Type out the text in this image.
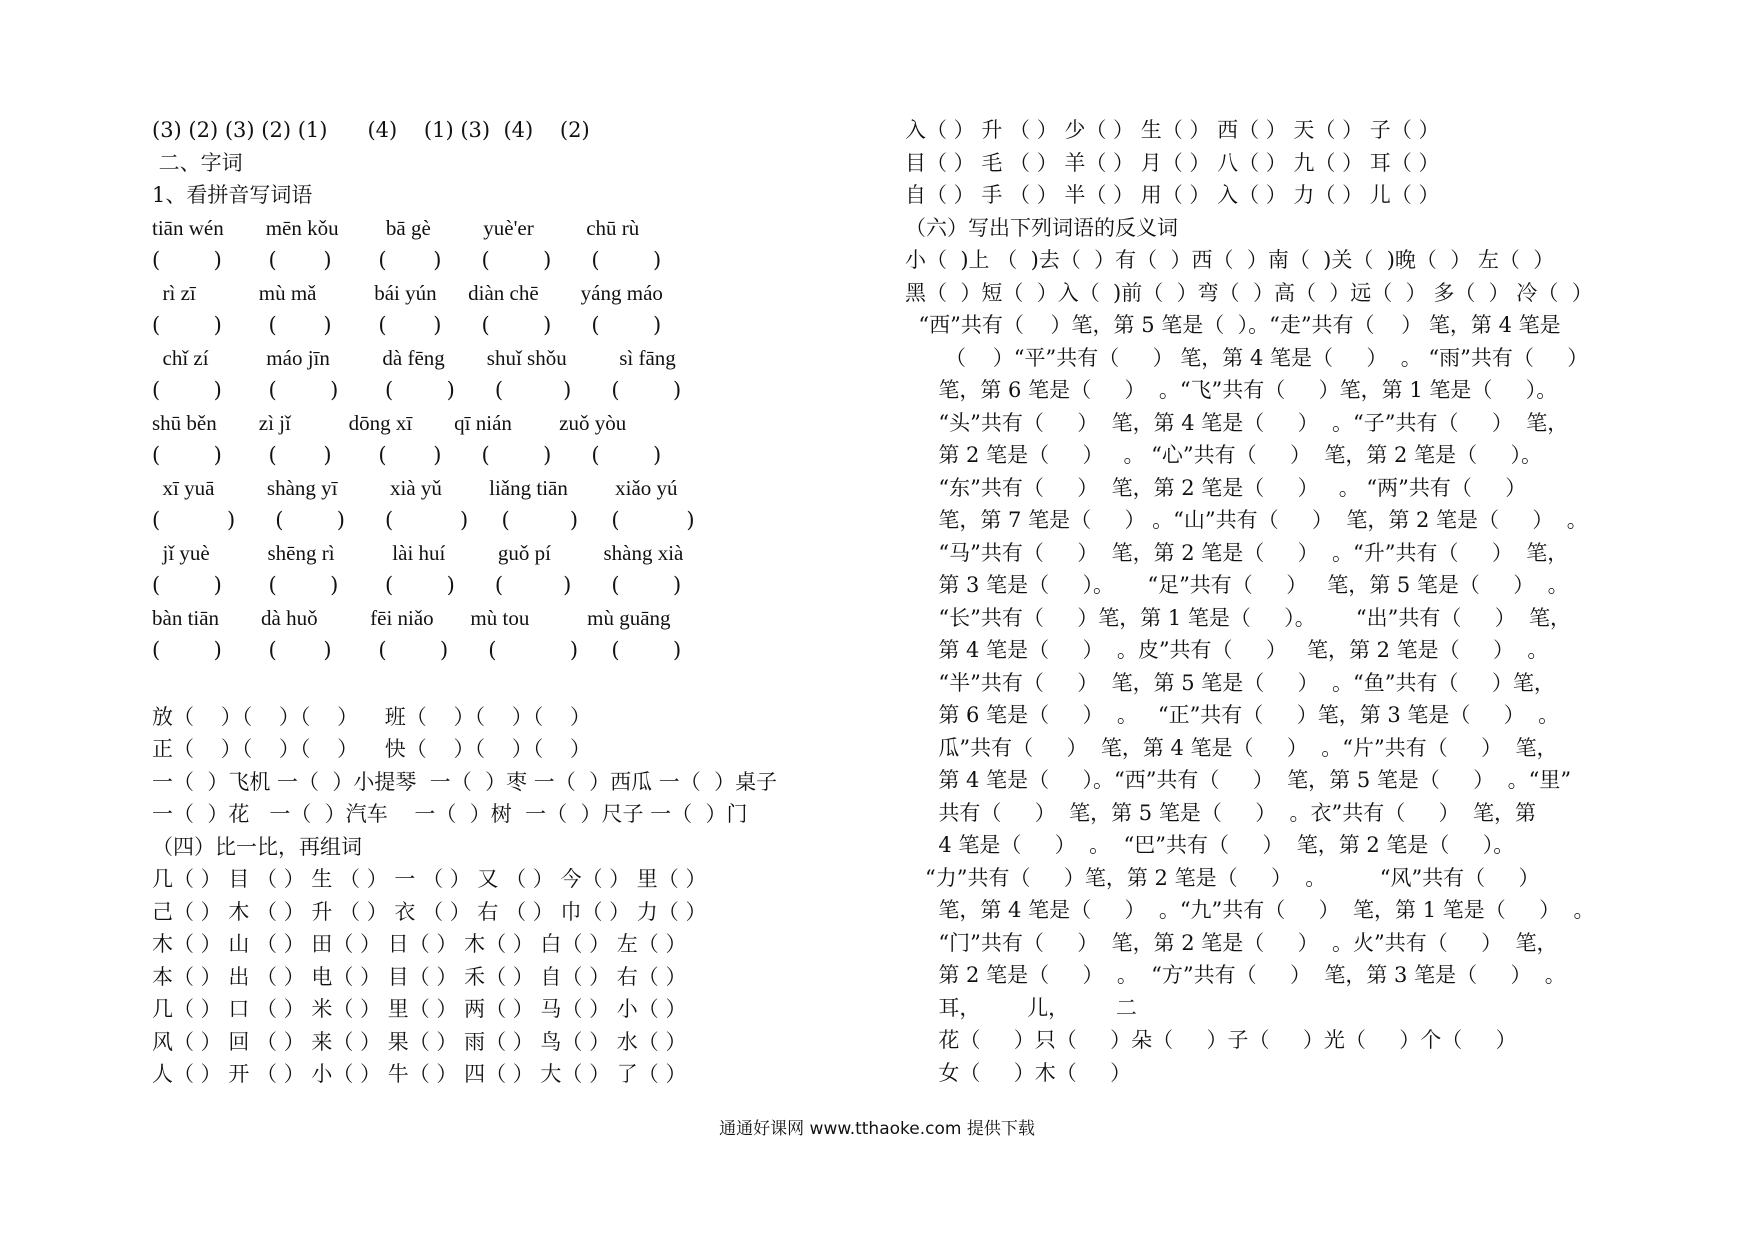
(3) (2) (3) (2) (1)      (4)    (1) (3)  (4)    (2)
二、字词
1、看拼音写词语
tiān wén        mēn kǒu         bā gè          yuè'er          chū rù
(        )       (       )       (       )      (        )      (        )
rì zī            mù mǎ           bái yún      diàn chē        yáng máo
(        )       (       )       (       )      (        )      (        )
chǐ zí           máo jīn          dà fēng        shuǐ shǒu          sì fāng
(        )       (        )       (        )      (         )      (        )
shū běn        zì jǐ           dōng xī        qī nián         zuǒ yòu
(        )       (       )       (       )      (        )      (        )
xī yuā          shàng yī          xià yǔ         liǎng tiān         xiǎo yú
(          )      (        )      (          )     (         )     (          )
jǐ yuè           shēng rì           lài huí          guǒ pí          shàng xià
(        )       (        )       (        )      (         )      (        )
bàn tiān        dà huǒ          fēi niǎo       mù tou           mù guāng
(        )       (       )       (        )      (           )     (        )
放（    ）（    ）（    ）    班（    ）（    ）（    ）
正（    ）（    ）（    ）    快（    ）（    ）（    ）
一（  ）飞机 一（  ）小提琴  一（  ）枣 一（  ）西瓜 一（  ）桌子
一（  ）花   一（  ）汽车    一（  ）树  一（  ）尺子 一（  ）门
（四）比一比，再组词
几（ ） 目 （ ） 生 （ ） 一 （ ） 又 （ ） 今（ ） 里（ ）
己（ ） 木 （ ） 升 （ ） 衣 （ ） 右 （ ） 巾（ ） 力（ ）
木（ ） 山 （ ） 田（ ） 日（ ） 木（ ） 白（ ） 左（ ）
本（ ） 出 （ ） 电（ ） 目（ ） 禾（ ） 自（ ） 右（ ）
几（ ） 口 （ ） 米（ ） 里（ ） 两（ ） 马（ ） 小（ ）
风（ ） 回 （ ） 来（ ） 果（ ） 雨（ ） 鸟（ ） 水（ ）
人（ ） 开 （ ） 小（ ） 牛（ ） 四（ ） 大（ ） 了（ ）
入（ ） 升 （ ） 少（ ） 生（ ） 西（ ） 天（ ） 子（ ）
目（ ） 毛 （ ） 羊（ ） 月（ ） 八（ ） 九（ ） 耳（ ）
自（ ） 手 （ ） 半（ ） 用（ ） 入（ ） 力（ ） 儿（ ）
（六）写出下列词语的反义词
小（  )上 （  )去（  ）有（  ）西（  ）南（  )关（  )晚（  ） 左（  ）
黑（  ）短（  ）入（  )前（  ）弯（  ）高（  ）远（  ） 多（  ） 冷（  ）
“西”共有（    ）笔，第 5 笔是（  ）。“走”共有（    ） 笔，第 4 笔是
（    ）“平”共有（     ） 笔，第 4 笔是（     ）  。 “雨”共有（     ）
笔，第 6 笔是（     ）  。“飞”共有（     ）笔，第 1 笔是（     ）。
“头”共有（     ）  笔，第 4 笔是（     ）  。“子”共有（     ）  笔，
第 2 笔是（     ）   。 “心”共有（     ）  笔，第 2 笔是（     ）。
“东”共有（     ）  笔，第 2 笔是（     ）   。 “两”共有（     ）
笔，第 7 笔是（     ） 。“山”共有（     ）  笔，第 2 笔是（     ）  。
“马”共有（     ）  笔，第 2 笔是（     ）  。“升”共有（     ）  笔，
第 3 笔是（     ）。     “足”共有（     ）   笔，第 5 笔是（     ）  。
“长”共有（     ）笔，第 1 笔是（     ）。      “出”共有（     ）  笔，
第 4 笔是（     ）  。皮”共有（     ）   笔，第 2 笔是（     ）  。
“半”共有（     ）  笔，第 5 笔是（     ）  。“鱼”共有（     ）笔，
第 6 笔是（     ）  。   “正”共有（     ）笔，第 3 笔是（     ）  。
瓜”共有（     ）  笔，第 4 笔是（     ）  。“片”共有（     ）  笔，
第 4 笔是（     ）。“西”共有（     ）  笔，第 5 笔是（     ）  。“里”
共有（     ）  笔，第 5 笔是（     ）  。衣”共有（     ）  笔，第
4 笔是（     ）  。  “巴”共有（     ）  笔，第 2 笔是（     ）。
“力”共有（     ）笔，第 2 笔是（     ）  。        “风”共有（     ）
笔，第 4 笔是（     ）  。“九”共有（     ）  笔，第 1 笔是（     ）  。
“门”共有（     ）  笔，第 2 笔是（     ）  。火”共有（     ）  笔，
第 2 笔是（     ）  。  “方”共有（     ）  笔，第 3 笔是（     ）  。
耳，       儿，       二
花（     ）只（     ）朵（     ）子（     ）光（     ）个（     ）
女（     ）木（     ）
通通好课网 www.tthaoke.com 提供下载
